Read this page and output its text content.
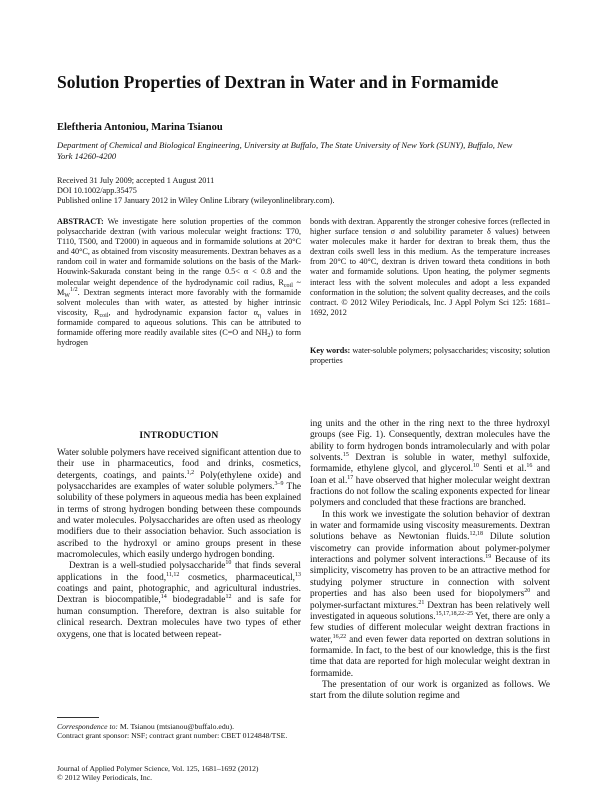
Solution Properties of Dextran in Water and in Formamide
Eleftheria Antoniou, Marina Tsianou
Department of Chemical and Biological Engineering, University at Buffalo, The State University of New York (SUNY), Buffalo, New York 14260-4200
Received 31 July 2009; accepted 1 August 2011
DOI 10.1002/app.35475
Published online 17 January 2012 in Wiley Online Library (wileyonlinelibrary.com).
ABSTRACT: We investigate here solution properties of the common polysaccharide dextran (with various molecular weight fractions: T70, T110, T500, and T2000) in aqueous and in formamide solutions at 20°C and 40°C, as obtained from viscosity measurements. Dextran behaves as a random coil in water and formamide solutions on the basis of the Mark-Houwink-Sakurada constant being in the range 0.5< α < 0.8 and the molecular weight dependence of the hydrodynamic coil radius, $R_{coil}$ ~ $M_W^{1/2}$. Dextran segments interact more favorably with the formamide solvent molecules than with water, as attested by higher intrinsic viscosity, $R_{coil}$, and hydrodynamic expansion factor $\alpha_\eta$ values in formamide compared to aqueous solutions. This can be attributed to formamide offering more readily available sites (C=O and $NH_2$) to form hydrogen
bonds with dextran. Apparently the stronger cohesive forces (reflected in higher surface tension σ and solubility parameter δ values) between water molecules make it harder for dextran to break them, thus the dextran coils swell less in this medium. As the temperature increases from 20°C to 40°C, dextran is driven toward theta conditions in both water and formamide solutions. Upon heating, the polymer segments interact less with the solvent molecules and adopt a less expanded conformation in the solution; the solvent quality decreases, and the coils contract. © 2012 Wiley Periodicals, Inc. J Appl Polym Sci 125: 1681–1692, 2012
Key words: water-soluble polymers; polysaccharides; viscosity; solution properties
INTRODUCTION

Water soluble polymers have received significant attention due to their use in pharmaceutics, food and drinks, cosmetics, detergents, coatings, and paints.$^{1,2}$ Poly(ethylene oxide) and polysaccharides are examples of water soluble polymers.$^{3-9}$ The solubility of these polymers in aqueous media has been explained in terms of strong hydrogen bonding between these compounds and water molecules. Polysaccharides are often used as rheology modifiers due to their association behavior. Such association is ascribed to the hydroxyl or amino groups present in these macromolecules, which easily undergo hydrogen bonding.

Dextran is a well-studied polysaccharide$^{10}$ that finds several applications in the food,$^{11,12}$ cosmetics, pharmaceutical,$^{13}$ coatings and paint, photographic, and agricultural industries. Dextran is biocompatible,$^{14}$ biodegradable$^{12}$ and is safe for human consumption. Therefore, dextran is also suitable for clinical research. Dextran molecules have two types of ether oxygens, one that is located between repeat-

ing units and the other in the ring next to the three hydroxyl groups (see Fig. 1). Consequently, dextran molecules have the ability to form hydrogen bonds intramolecularly and with polar solvents.$^{15}$ Dextran is soluble in water, methyl sulfoxide, formamide, ethylene glycol, and glycerol.$^{10}$ Senti et al.$^{16}$ and Ioan et al.$^{17}$ have observed that higher molecular weight dextran fractions do not follow the scaling exponents expected for linear polymers and concluded that these fractions are branched.

In this work we investigate the solution behavior of dextran in water and formamide using viscosity measurements. Dextran solutions behave as Newtonian fluids.$^{12,18}$ Dilute solution viscometry can provide information about polymer-polymer interactions and polymer solvent interactions.$^{19}$ Because of its simplicity, viscometry has proven to be an attractive method for studying polymer structure in connection with solvent properties and has also been used for biopolymers$^{20}$ and polymer-surfactant mixtures.$^{21}$ Dextran has been relatively well investigated in aqueous solutions.$^{15,17,18,22-25}$ Yet, there are only a few studies of different molecular weight dextran fractions in water,$^{16,22}$ and even fewer data reported on dextran solutions in formamide. In fact, to the best of our knowledge, this is the first time that data are reported for high molecular weight dextran in formamide.

The presentation of our work is organized as follows. We start from the dilute solution regime and

Correspondence to: M. Tsianou (mtsianou@buffalo.edu).
Contract grant sponsor: NSF; contract grant number: CBET 0124848/TSE.
Journal of Applied Polymer Science, Vol. 125, 1681–1692 (2012)
© 2012 Wiley Periodicals, Inc.
